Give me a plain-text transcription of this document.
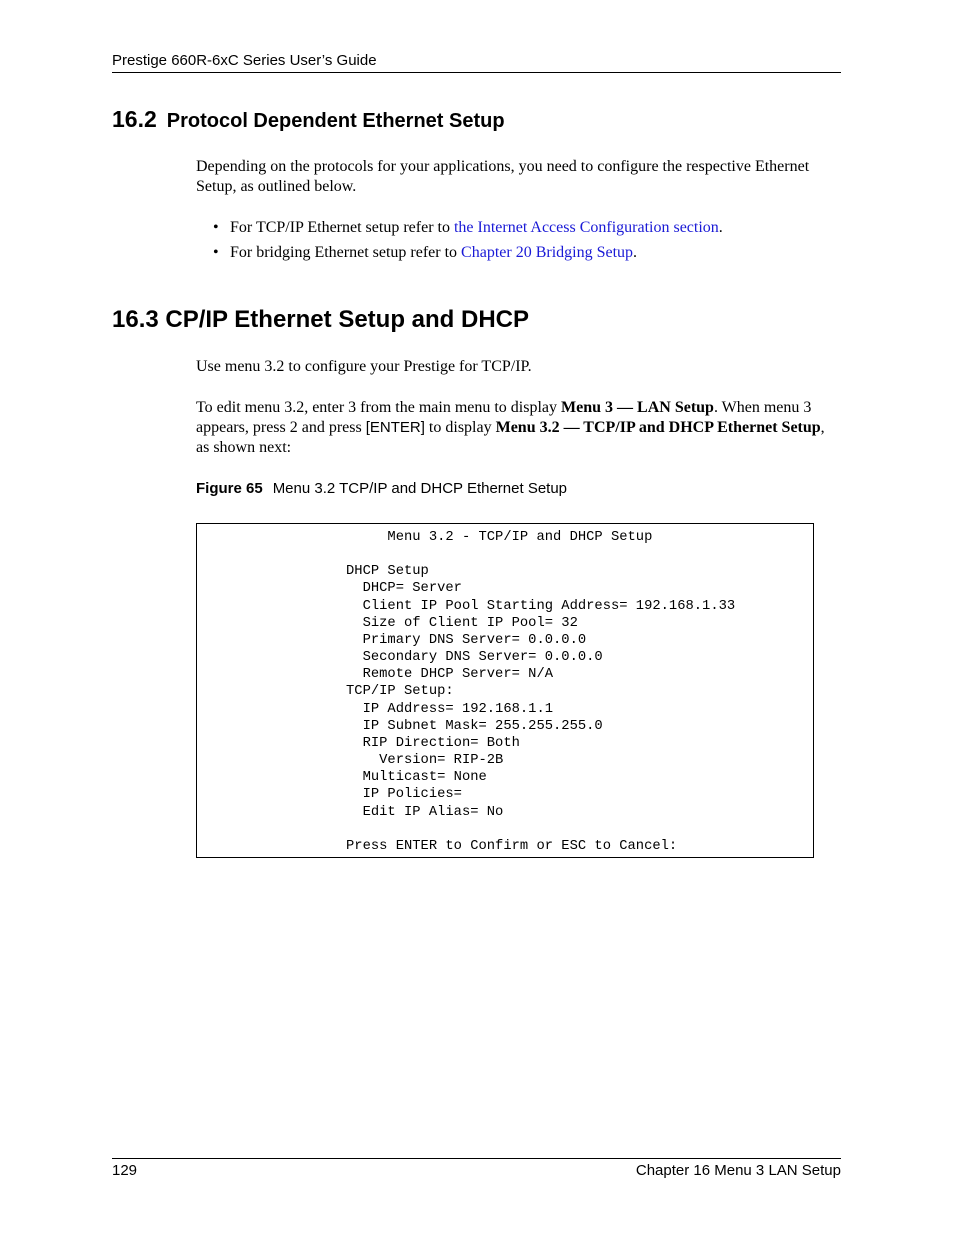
Prestige 660R-6xC Series User’s Guide
16.2 Protocol Dependent Ethernet Setup

Depending on the protocols for your applications, you need to configure the respective Ethernet Setup, as outlined below.

• For TCP/IP Ethernet setup refer to the Internet Access Configuration section.
• For bridging Ethernet setup refer to Chapter 20 Bridging Setup.
16.3 CP/IP Ethernet Setup and DHCP

Use menu 3.2 to configure your Prestige for TCP/IP.

To edit menu 3.2, enter 3 from the main menu to display Menu 3 — LAN Setup. When menu 3 appears, press 2 and press [ENTER] to display Menu 3.2 — TCP/IP and DHCP Ethernet Setup, as shown next:

Figure 65 Menu 3.2 TCP/IP and DHCP Ethernet Setup
Menu 3.2 - TCP/IP and DHCP Setup

DHCP Setup
DHCP= Server
Client IP Pool Starting Address= 192.168.1.33
Size of Client IP Pool= 32
Primary DNS Server= 0.0.0.0
Secondary DNS Server= 0.0.0.0
Remote DHCP Server= N/A
TCP/IP Setup:
IP Address= 192.168.1.1
IP Subnet Mask= 255.255.255.0
RIP Direction= Both
Version= RIP-2B
Multicast= None
IP Policies=
Edit IP Alias= No

Press ENTER to Confirm or ESC to Cancel:
129	Chapter 16 Menu 3 LAN Setup
